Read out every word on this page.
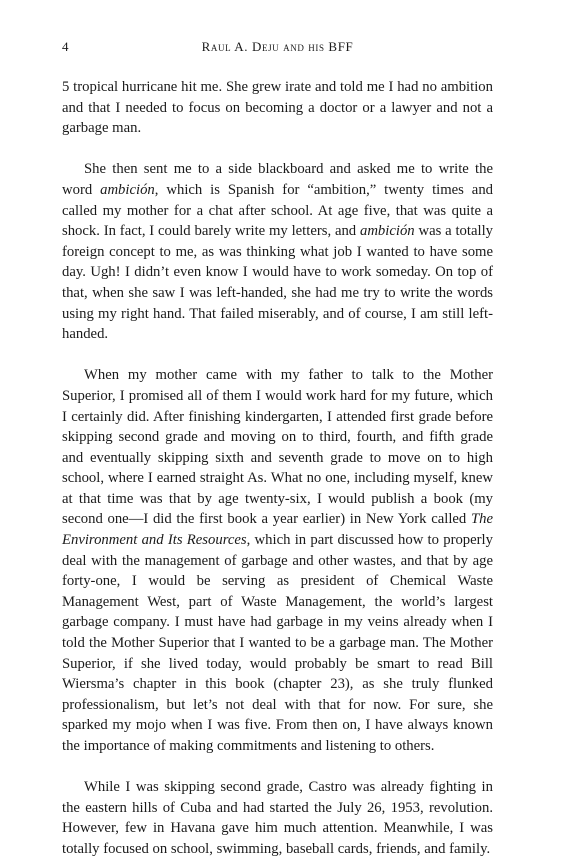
4	Raul A. Deju and his BFF

5 tropical hurricane hit me. She grew irate and told me I had no ambition and that I needed to focus on becoming a doctor or a lawyer and not a garbage man.

She then sent me to a side blackboard and asked me to write the word ambición, which is Spanish for “ambition,” twenty times and called my mother for a chat after school. At age five, that was quite a shock. In fact, I could barely write my letters, and ambición was a totally foreign concept to me, as was thinking what job I wanted to have some day. Ugh! I didn’t even know I would have to work someday. On top of that, when she saw I was left-handed, she had me try to write the words using my right hand. That failed miserably, and of course, I am still left-handed.

When my mother came with my father to talk to the Mother Superior, I promised all of them I would work hard for my future, which I certainly did. After finishing kindergarten, I attended first grade before skipping second grade and moving on to third, fourth, and fifth grade and eventually skipping sixth and seventh grade to move on to high school, where I earned straight As. What no one, including myself, knew at that time was that by age twenty-six, I would publish a book (my second one—I did the first book a year earlier) in New York called The Environment and Its Resources, which in part discussed how to properly deal with the management of garbage and other wastes, and that by age forty-one, I would be serving as president of Chemical Waste Management West, part of Waste Management, the world’s largest garbage company. I must have had garbage in my veins already when I told the Mother Superior that I wanted to be a garbage man. The Mother Superior, if she lived today, would probably be smart to read Bill Wiersma’s chapter in this book (chapter 23), as she truly flunked professionalism, but let’s not deal with that for now. For sure, she sparked my mojo when I was five. From then on, I have always known the importance of making commitments and listening to others.

While I was skipping second grade, Castro was already fighting in the eastern hills of Cuba and had started the July 26, 1953, revolution. However, few in Havana gave him much attention. Meanwhile, I was totally focused on school, swimming, baseball cards, friends, and family.
